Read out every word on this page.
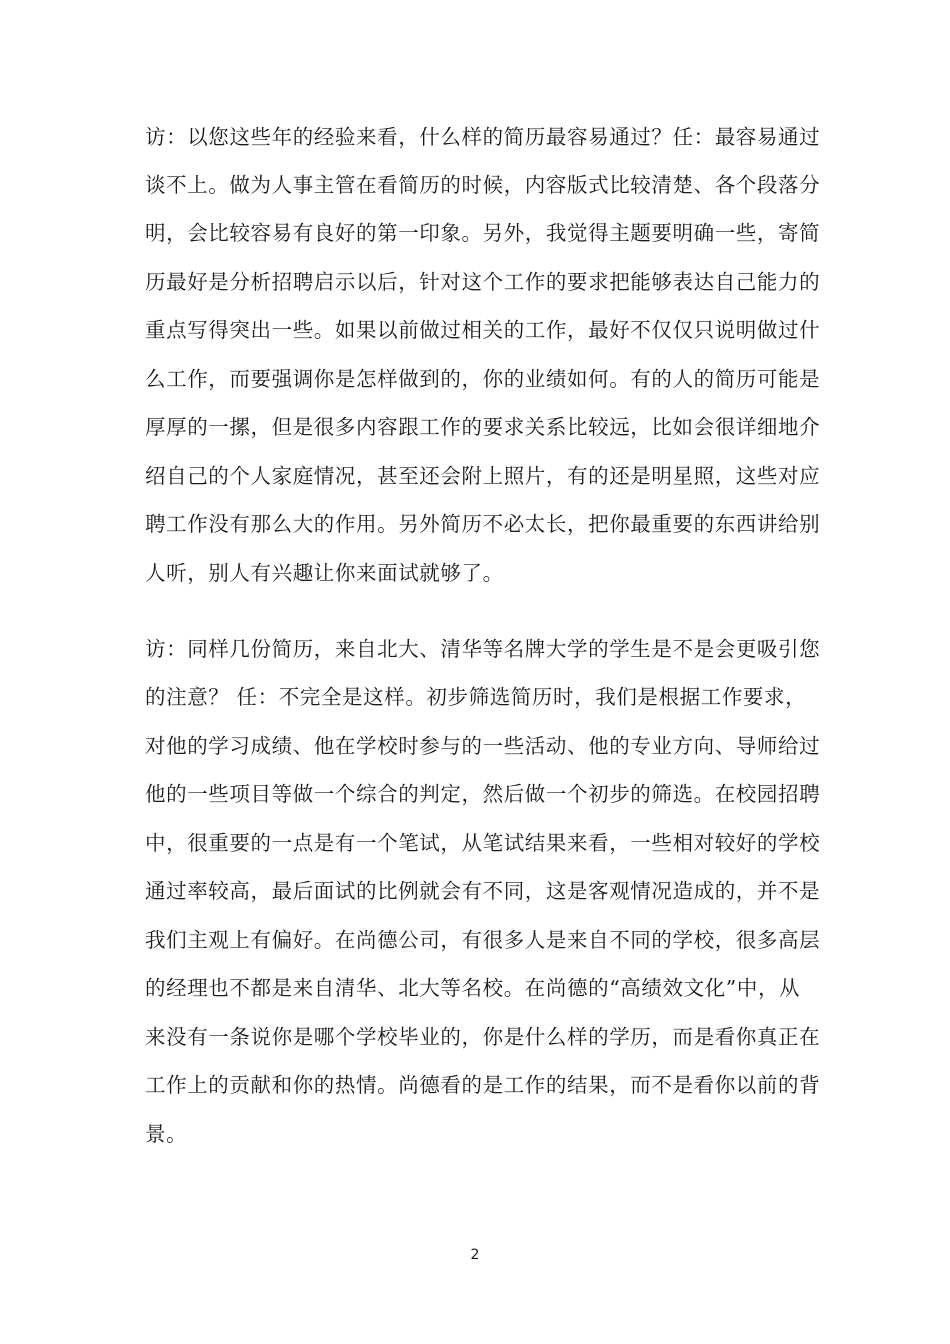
访：以您这些年的经验来看，什么样的简历最容易通过？任：最容易通过
谈不上。做为人事主管在看简历的时候，内容版式比较清楚、各个段落分
明，会比较容易有良好的第一印象。另外，我觉得主题要明确一些，寄简
历最好是分析招聘启示以后，针对这个工作的要求把能够表达自己能力的
重点写得突出一些。如果以前做过相关的工作，最好不仅仅只说明做过什
么工作，而要强调你是怎样做到的，你的业绩如何。有的人的简历可能是
厚厚的一摞，但是很多内容跟工作的要求关系比较远，比如会很详细地介
绍自己的个人家庭情况，甚至还会附上照片，有的还是明星照，这些对应
聘工作没有那么大的作用。另外简历不必太长，把你最重要的东西讲给别
人听，别人有兴趣让你来面试就够了。
访：同样几份简历，来自北大、清华等名牌大学的学生是不是会更吸引您
的注意？ 任：不完全是这样。初步筛选简历时，我们是根据工作要求，
对他的学习成绩、他在学校时参与的一些活动、他的专业方向、导师给过
他的一些项目等做一个综合的判定，然后做一个初步的筛选。在校园招聘
中，很重要的一点是有一个笔试，从笔试结果来看，一些相对较好的学校
通过率较高，最后面试的比例就会有不同，这是客观情况造成的，并不是
我们主观上有偏好。在尚德公司，有很多人是来自不同的学校，很多高层
的经理也不都是来自清华、北大等名校。在尚德的“高绩效文化”中，从
来没有一条说你是哪个学校毕业的，你是什么样的学历，而是看你真正在
工作上的贡献和你的热情。尚德看的是工作的结果，而不是看你以前的背
景。
2
